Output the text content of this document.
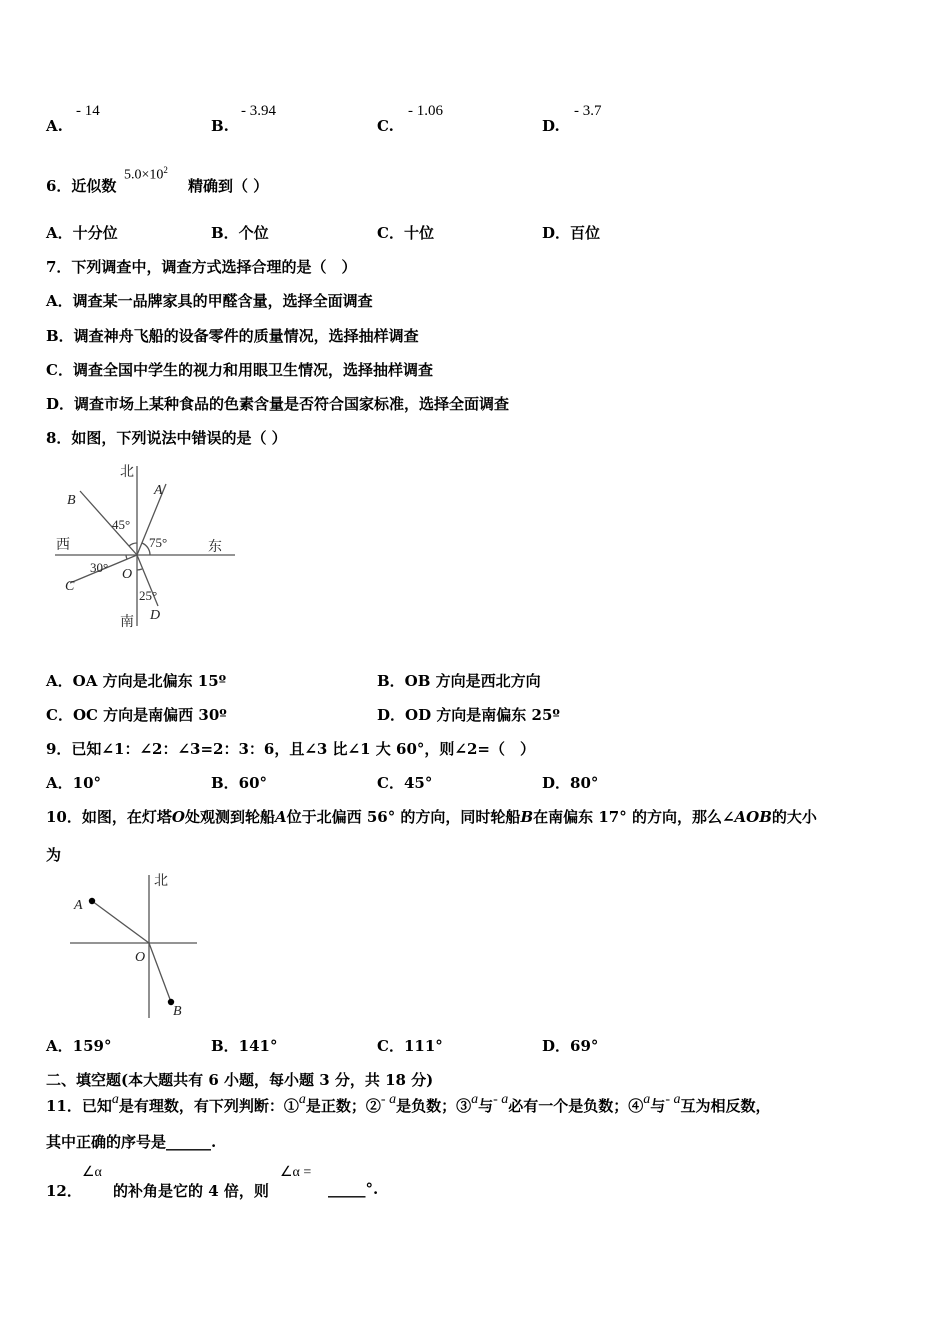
A.
- 14
B.
- 3.94
C.
- 1.06
D.
- 3.7
6．近似数
$5.0\times 10^2$
精确到（ ）
A．十分位	B．个位	C．十位	D．百位
7．下列调查中，调查方式选择合理的是（　）
A．调查某一品牌家具的甲醛含量，选择全面调查
B．调查神舟飞船的设备零件的质量情况，选择抽样调查
C．调查全国中学生的视力和用眼卫生情况，选择抽样调查
D．调查市场上某种食品的色素含量是否符合国家标准，选择全面调查
8．如图，下列说法中错误的是（ ）
北
南
西	东
A
B
C
D
O
45°
75°
30°
25°
A．OA 方向是北偏东 15º	B．OB 方向是西北方向
C．OC 方向是南偏西 30º	D．OD 方向是南偏东 25º
9．已知∠1：∠2：∠3=2：3：6，且∠3 比∠1 大 60°，则∠2=（　）
A．10°	B．60°	C．45°	D．80°
10．如图，在灯塔O处观测到轮船A位于北偏西 56° 的方向，同时轮船B在南偏东 17° 的方向，那么∠AOB的大小
为
北
A
B
O
A．159°	B．141°	C．111°	D．69°
二、填空题(本大题共有 6 小题，每小题 3 分，共 18 分)
11．已知a是有理数，有下列判断：①a是正数；②- a是负数；③a与- a必有一个是负数；④a与- a互为相反数，
其中正确的序号是______.
12．
∠α
的补角是它的 4 倍，则
∠α =
_____°.
